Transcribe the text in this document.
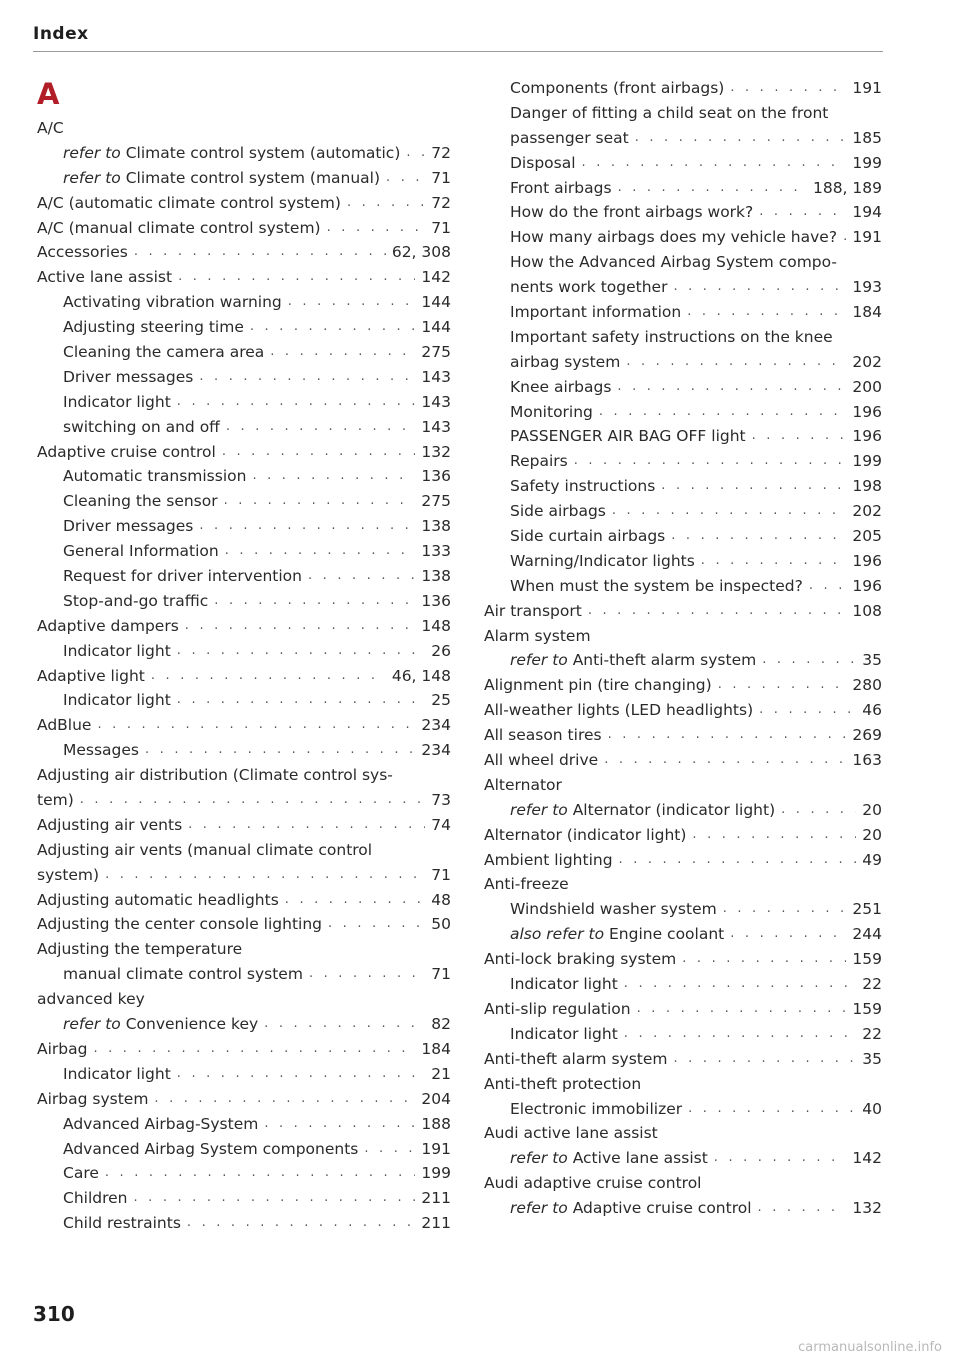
Index
A
A/C
refer to Climate control system (automatic) . . . 72
refer to Climate control system (manual) . . .	71
A/C (automatic climate control system) . . .	72
A/C (manual climate control system) . . .	71
Accessories . . .	62, 308
Active lane assist . . .	142
Activating vibration warning . . .	144
Adjusting steering time . . .	144
Cleaning the camera area . . .	275
Driver messages . . .	143
Indicator light . . .	143
switching on and off . . .	143
Adaptive cruise control . . .	132
Automatic transmission . . .	136
Cleaning the sensor . . .	275
Driver messages . . .	138
General Information . . .	133
Request for driver intervention . . .	138
Stop-and-go traffic . . .	136
Adaptive dampers . . .	148
Indicator light . . .	26
Adaptive light . . .	46, 148
Indicator light . . .	25
AdBlue . . .	234
Messages . . .	234
Adjusting air distribution (Climate control sys-
tem) . . .	73
Adjusting air vents . . .	74
Adjusting air vents (manual climate control
system) . . .	71
Adjusting automatic headlights . . .	48
Adjusting the center console lighting . . .	50
Adjusting the temperature
manual climate control system . . .	71
advanced key
refer to Convenience key . . .	82
Airbag . . .	184
Indicator light . . .	21
Airbag system . . .	204
Advanced Airbag-System . . .	188
Advanced Airbag System components . . .	191
Care . . .	199
Children . . .	211
Child restraints . . .	211
Components (front airbags) . . .	191
Danger of fitting a child seat on the front
passenger seat . . .	185
Disposal . . .	199
Front airbags . . .	188, 189
How do the front airbags work? . . .	194
How many airbags does my vehicle have? . . . 191
How the Advanced Airbag System compo-
nents work together . . .	193
Important information . . .	184
Important safety instructions on the knee
airbag system . . .	202
Knee airbags . . .	200
Monitoring . . .	196
PASSENGER AIR BAG OFF light . . .	196
Repairs . . .	199
Safety instructions . . .	198
Side airbags . . .	202
Side curtain airbags . . .	205
Warning/Indicator lights . . .	196
When must the system be inspected? . . .	196
Air transport . . .	108
Alarm system
refer to Anti-theft alarm system . . .	35
Alignment pin (tire changing) . . .	280
All-weather lights (LED headlights) . . .	46
All season tires . . .	269
All wheel drive . . .	163
Alternator
refer to Alternator (indicator light) . . .	20
Alternator (indicator light) . . .	20
Ambient lighting . . .	49
Anti-freeze
Windshield washer system . . .	251
also refer to Engine coolant . . .	244
Anti-lock braking system . . .	159
Indicator light . . .	22
Anti-slip regulation . . .	159
Indicator light . . .	22
Anti-theft alarm system . . .	35
Anti-theft protection
Electronic immobilizer . . .	40
Audi active lane assist
refer to Active lane assist . . .	142
Audi adaptive cruise control
refer to Adaptive cruise control . . .	132
310
carmanualsonline.info
